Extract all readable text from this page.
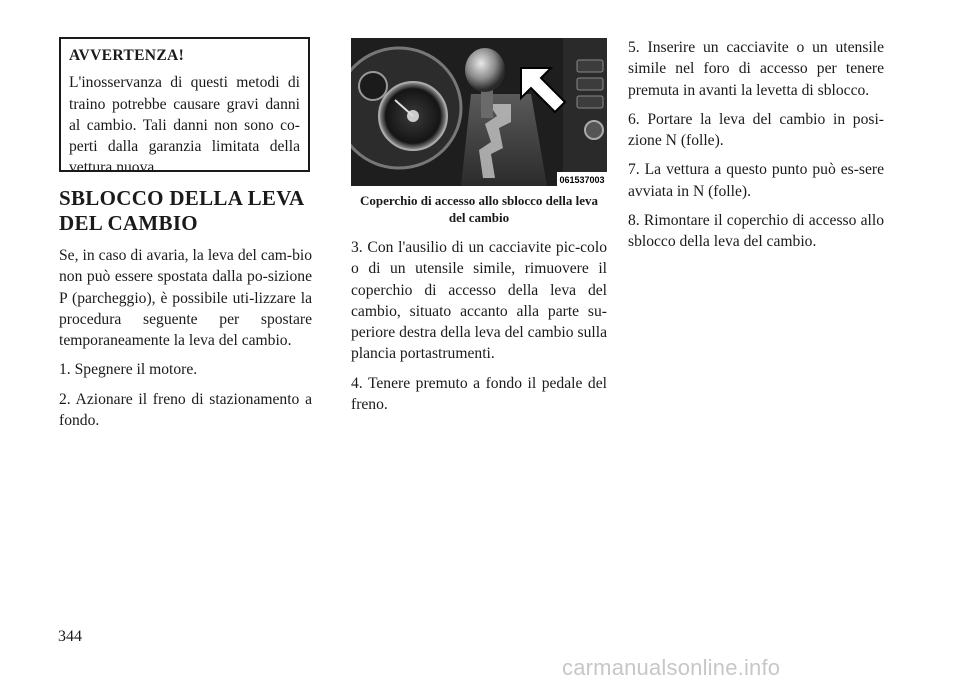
AVVERTENZA!
L'inosservanza di questi metodi di traino potrebbe causare gravi danni al cambio. Tali danni non sono co-perti dalla garanzia limitata della vettura nuova.
SBLOCCO DELLA LEVA DEL CAMBIO

Se, in caso di avaria, la leva del cam-bio non può essere spostata dalla po-sizione P (parcheggio), è possibile uti-lizzare la procedura seguente per spostare temporaneamente la leva del cambio.

1. Spegnere il motore.

2. Azionare il freno di stazionamento a fondo.

061537003
Coperchio di accesso allo sblocco della leva del cambio

3. Con l'ausilio di un cacciavite pic-colo o di un utensile simile, rimuovere il coperchio di accesso della leva del cambio, situato accanto alla parte su-periore destra della leva del cambio sulla plancia portastrumenti.

4. Tenere premuto a fondo il pedale del freno.

5. Inserire un cacciavite o un utensile simile nel foro di accesso per tenere premuta in avanti la levetta di sblocco.

6. Portare la leva del cambio in posi-zione N (folle).

7. La vettura a questo punto può es-sere avviata in N (folle).

8. Rimontare il coperchio di accesso allo sblocco della leva del cambio.

344
carmanualsonline.info
